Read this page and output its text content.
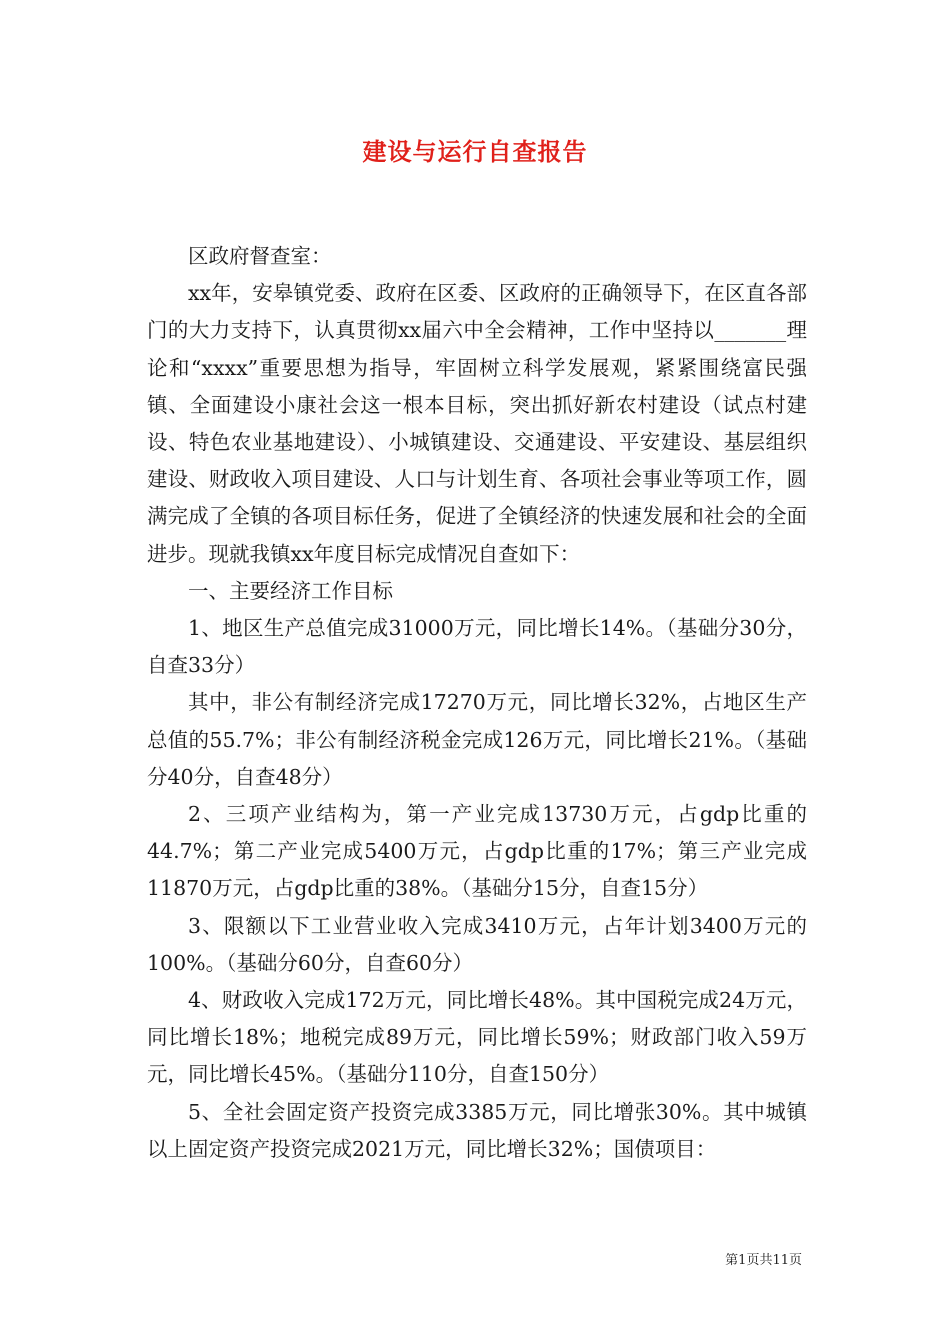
建设与运行自查报告

区政府督查室：

xx年，安皋镇党委、政府在区委、区政府的正确领导下，在区直各部门的大力支持下，认真贯彻xx届六中全会精神，工作中坚持以_______理论和“xxxx”重要思想为指导，牢固树立科学发展观，紧紧围绕富民强镇、全面建设小康社会这一根本目标，突出抓好新农村建设（试点村建设、特色农业基地建设）、小城镇建设、交通建设、平安建设、基层组织建设、财政收入项目建设、人口与计划生育、各项社会事业等项工作，圆满完成了全镇的各项目标任务，促进了全镇经济的快速发展和社会的全面进步。现就我镇xx年度目标完成情况自查如下：

一、主要经济工作目标

1、地区生产总值完成31000万元，同比增长14%。（基础分30分，自查33分）

其中，非公有制经济完成17270万元，同比增长32%，占地区生产总值的55.7%；非公有制经济税金完成126万元，同比增长21%。（基础分40分，自查48分）

2、三项产业结构为，第一产业完成13730万元，占gdp比重的44.7%；第二产业完成5400万元，占gdp比重的17%；第三产业完成11870万元，占gdp比重的38%。（基础分15分，自查15分）

3、限额以下工业营业收入完成3410万元，占年计划3400万元的100%。（基础分60分，自查60分）

4、财政收入完成172万元，同比增长48%。其中国税完成24万元，同比增长18%；地税完成89万元，同比增长59%；财政部门收入59万元，同比增长45%。（基础分110分，自查150分）

5、全社会固定资产投资完成3385万元，同比增张30%。其中城镇以上固定资产投资完成2021万元，同比增长32%；国债项目：

第1页共11页
